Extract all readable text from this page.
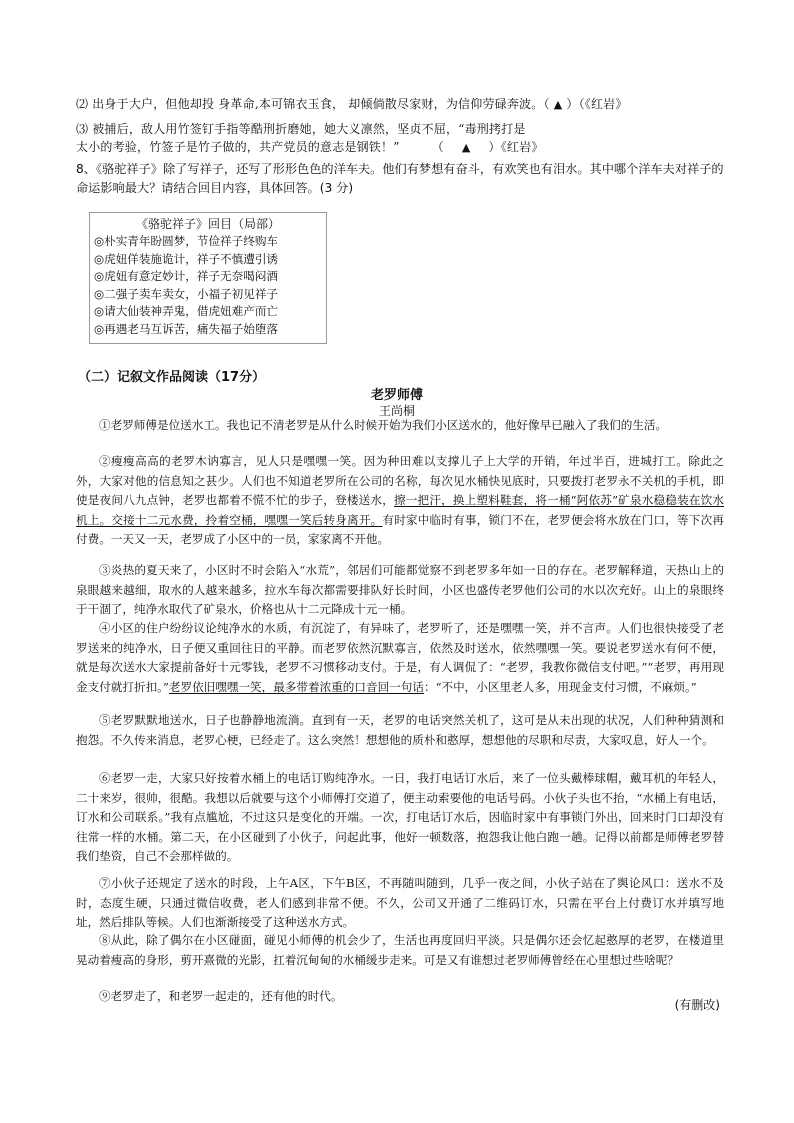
⑵ 出身于大户，但他却投 身革命,本可锦衣玉食， 却倾倘散尽家财，为信仰劳碌奔波。（ ▲ ）（《红岩》
⑶ 被捕后，敌人用竹签钉手指等酷刑折磨她，她大义凛然，坚贞不屈，“毒刑拷打是
太小的考验，竹签子是竹子做的，共产党员的意志是钢铁！”	（ ▲ ）《红岩》
8、《骆驼祥子》除了写祥子，还写了形形色色的洋车夫。他们有梦想有奋斗，有欢笑也有泪水。其中哪个洋车夫对祥子的命运影响最大？请结合回目内容，具体回答。(3 分)
《骆驼祥子》回目（局部）
◎朴实青年盼圆梦，节俭祥子终购车
◎虎妞佯装施诡计，祥子不慎遭引诱
◎虎妞有意定妙计，祥子无奈喝闷酒
◎二强子卖车卖女，小福子初见祥子
◎请大仙装神弄鬼，借虎妞难产而亡
◎再遇老马互诉苦，痛失福子始堕落
（二）记叙文作品阅读（17分）
老罗师傅
王尚桐
①老罗师傅是位送水工。我也记不清老罗是从什么时候开始为我们小区送水的，他好像早已融入了我们的生活。
②瘦瘦高高的老罗木讷寡言，见人只是嘿嘿一笑。因为种田难以支撑儿子上大学的开销，年过半百，进城打工。除此之外，大家对他的信息知之甚少。人们也不知道老罗所在公司的名称，每次见水桶快见底时，只要拨打老罗永不关机的手机，即使是夜间八九点钟，老罗也都着不慌不忙的步子，登楼送水，擦一把汗，换上塑料鞋套，将一桶“阿依苏”矿泉水稳稳装在饮水机上。交接十二元水费，拎着空桶，嘿嘿一笑后转身离开。有时家中临时有事，锁门不在，老罗便会将水放在门口，等下次再付费。一天又一天，老罗成了小区中的一员，家家离不开他。
③炎热的夏天来了，小区时不时会陷入“水荒”，邻居们可能都觉察不到老罗多年如一日的存在。老罗解释道，天热山上的泉眼越来越细，取水的人越来越多，拉水车每次都需要排队好长时间，小区也盛传老罗他们公司的水以次充好。山上的泉眼终于干涸了，纯净水取代了矿泉水，价格也从十二元降成十元一桶。
④小区的住户纷纷议论纯净水的水质，有沉淀了，有异味了，老罗听了，还是嘿嘿一笑，并不言声。人们也很快接受了老罗送来的纯净水，日子便又重回往日的平静。而老罗依然沉默寡言，依然及时送水，依然嘿嘿一笑。要说老罗送水有何不便，就是每次送水大家提前备好十元零钱，老罗不习惯移动支付。于是，有人调侃了：“老罗，我教你微信支付吧。”“老罗，再用现金支付就打折扣。”老罗依旧嘿嘿一笑，最多带着浓重的口音回一句话：“不中，小区里老人多，用现金支付习惯，不麻烦。”
⑤老罗默默地送水，日子也静静地流淌。直到有一天，老罗的电话突然关机了，这可是从未出现的状况，人们种种猜测和抱怨。不久传来消息，老罗心梗，已经走了。这么突然！想想他的质朴和憨厚，想想他的尽职和尽责，大家叹息，好人一个。
⑥老罗一走，大家只好按着水桶上的电话订购纯净水。一日，我打电话订水后，来了一位头戴棒球帽，戴耳机的年轻人，二十来岁，很帅，很酷。我想以后就要与这个小师傅打交道了，便主动索要他的电话号码。小伙子头也不抬，“水桶上有电话，订水和公司联系。”我有点尴尬，不过这只是变化的开端。一次，打电话订水后，因临时家中有事锁门外出，回来时门口却没有往常一样的水桶。第二天，在小区碰到了小伙子，问起此事，他好一顿数落，抱怨我让他白跑一趟。记得以前都是师傅老罗替我们垫资，自己不会那样做的。
⑦小伙子还规定了送水的时段，上午A区，下午B区，不再随叫随到，几乎一夜之间，小伙子站在了舆论风口：送水不及时，态度生硬，只通过微信收费，老人们感到非常不便。不久，公司又开通了二维码订水，只需在平台上付费订水并填写地址，然后排队等候。人们也渐渐接受了这种送水方式。
⑧从此，除了偶尔在小区碰面，碰见小师傅的机会少了，生活也再度回归平淡。只是偶尔还会忆起憨厚的老罗，在楼道里晃动着瘦高的身形，剪开熹微的光影，扛着沉甸甸的水桶缓步走来。可是又有谁想过老罗师傅曾经在心里想过些啥呢？
⑨老罗走了，和老罗一起走的，还有他的时代。
(有删改)
